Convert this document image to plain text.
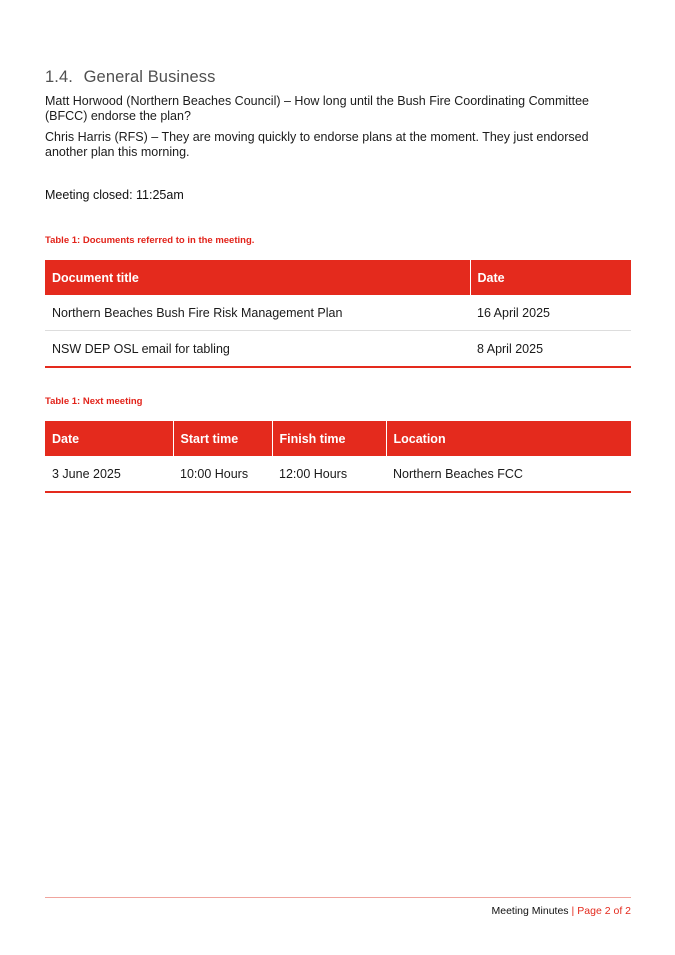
1.4. General Business
Matt Horwood (Northern Beaches Council) – How long until the Bush Fire Coordinating Committee (BFCC) endorse the plan?
Chris Harris (RFS) – They are moving quickly to endorse plans at the moment. They just endorsed another plan this morning.
Meeting closed: 11:25am
Table 1: Documents referred to in the meeting.
Document title	Date
Northern Beaches Bush Fire Risk Management Plan	16 April 2025
NSW DEP OSL email for tabling	8 April 2025
Table 1: Next meeting
Date	Start time	Finish time	Location
3 June 2025	10:00 Hours	12:00 Hours	Northern Beaches FCC
Meeting Minutes | Page 2 of 2
